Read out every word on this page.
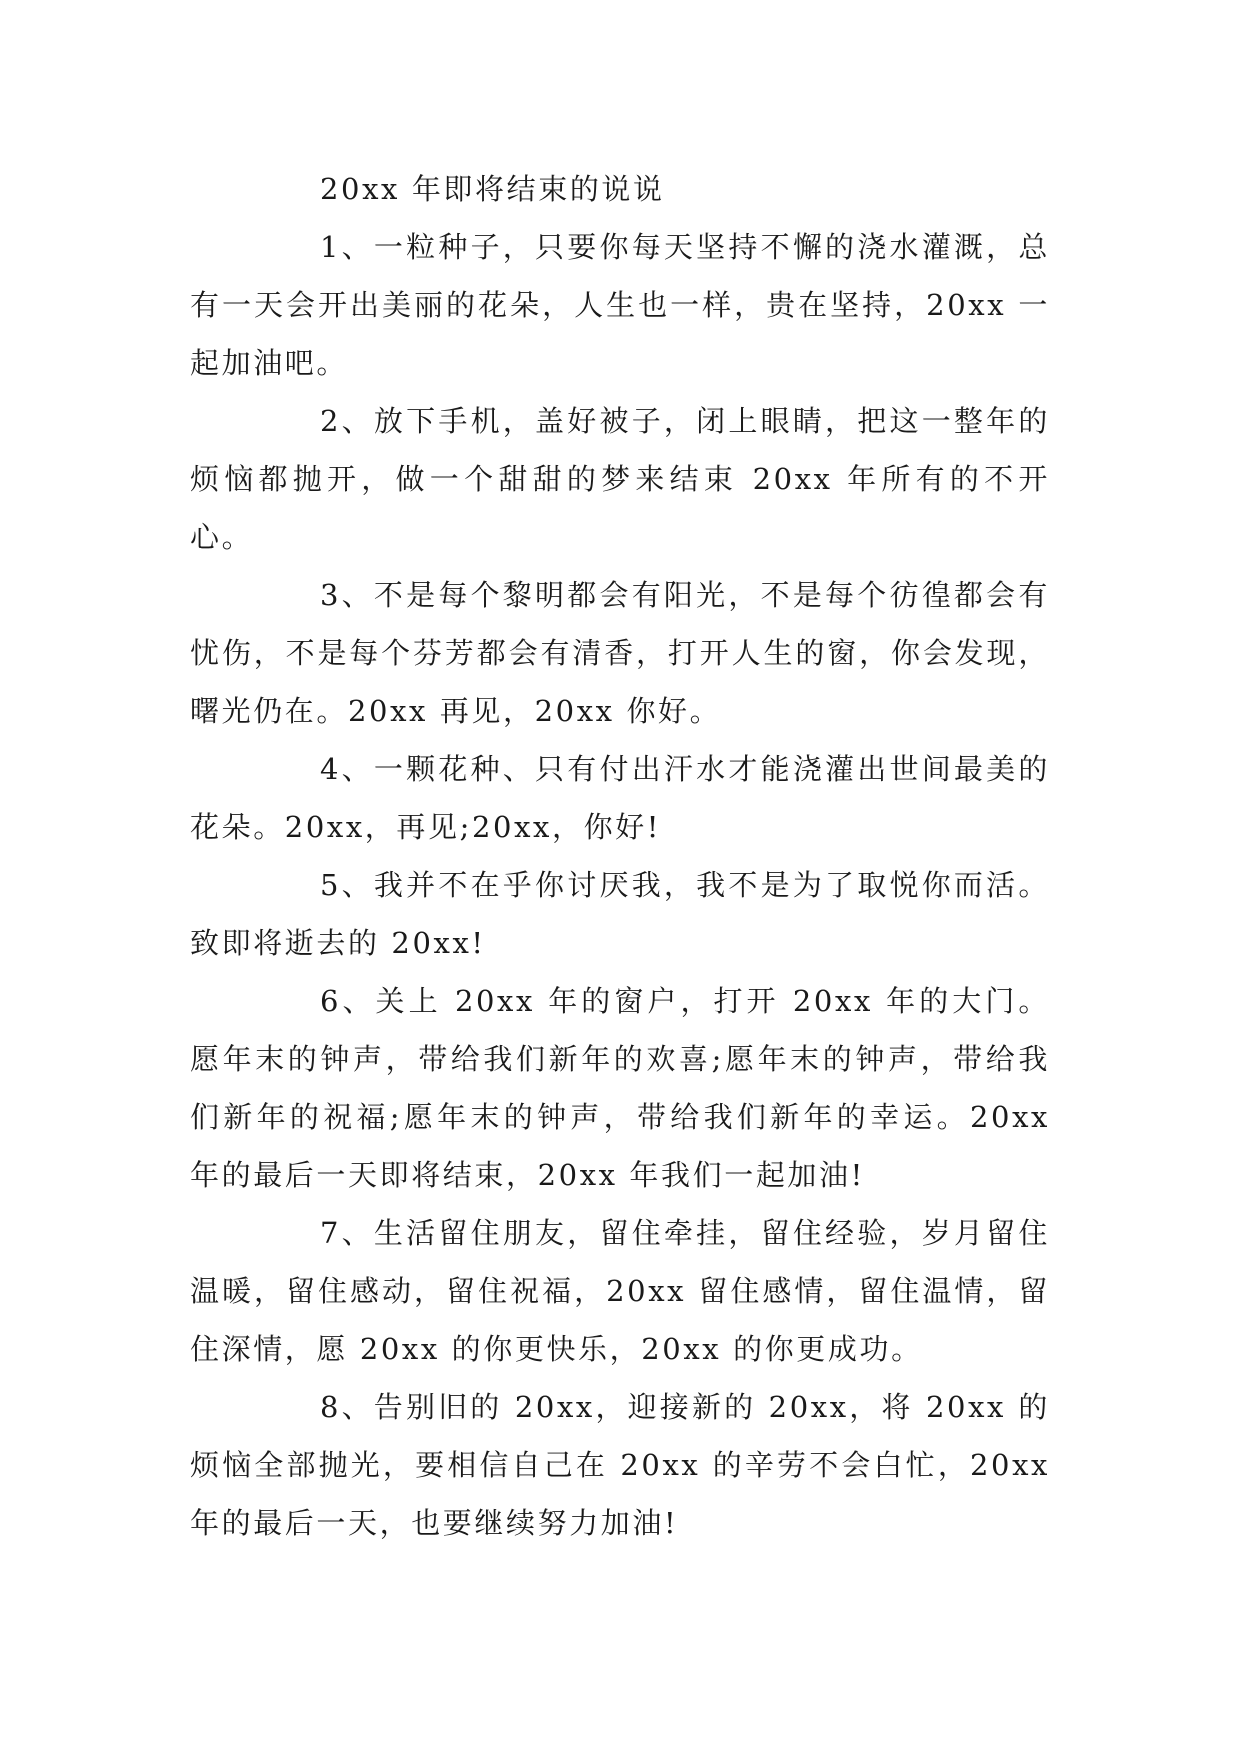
20xx 年即将结束的说说

1、一粒种子，只要你每天坚持不懈的浇水灌溉，总有一天会开出美丽的花朵，人生也一样，贵在坚持，20xx 一起加油吧。

2、放下手机，盖好被子，闭上眼睛，把这一整年的烦恼都抛开，做一个甜甜的梦来结束 20xx 年所有的不开心。

3、不是每个黎明都会有阳光，不是每个彷徨都会有忧伤，不是每个芬芳都会有清香，打开人生的窗，你会发现，曙光仍在。20xx 再见，20xx 你好。

4、一颗花种、只有付出汗水才能浇灌出世间最美的花朵。20xx，再见;20xx，你好!

5、我并不在乎你讨厌我，我不是为了取悦你而活。致即将逝去的 20xx!

6、关上 20xx 年的窗户，打开 20xx 年的大门。愿年末的钟声，带给我们新年的欢喜;愿年末的钟声，带给我们新年的祝福;愿年末的钟声，带给我们新年的幸运。20xx 年的最后一天即将结束，20xx 年我们一起加油!

7、生活留住朋友，留住牵挂，留住经验，岁月留住温暖，留住感动，留住祝福，20xx 留住感情，留住温情，留住深情，愿 20xx 的你更快乐，20xx 的你更成功。

8、告别旧的 20xx，迎接新的 20xx，将 20xx 的烦恼全部抛光，要相信自己在 20xx 的辛劳不会白忙，20xx 年的最后一天，也要继续努力加油!
